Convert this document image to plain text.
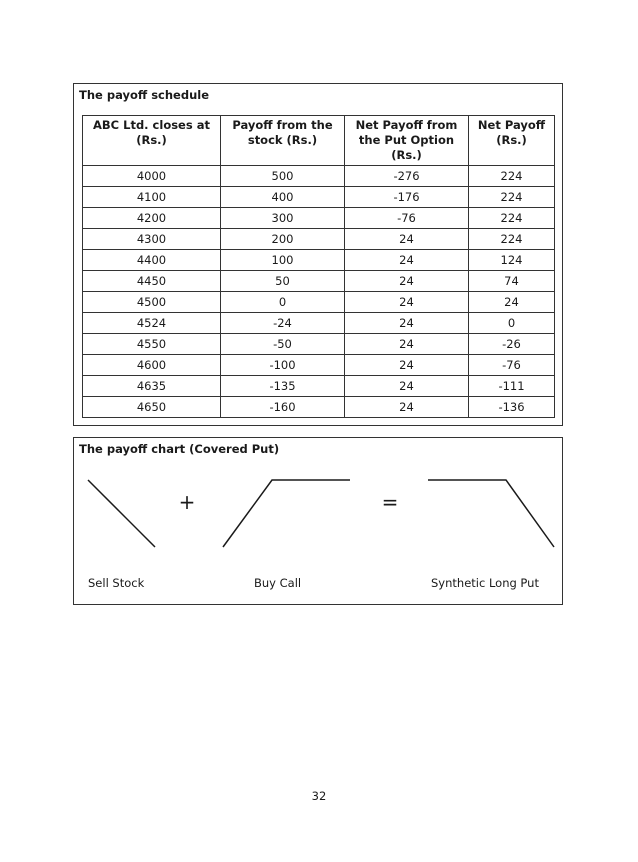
The payoff schedule
ABC Ltd. closes at (Rs.)	Payoff from the stock (Rs.)	Net Payoff from the Put Option (Rs.)	Net Payoff (Rs.)
4000	500	-276	224
4100	400	-176	224
4200	300	-76	224
4300	200	24	224
4400	100	24	124
4450	50	24	74
4500	0	24	24
4524	-24	24	0
4550	-50	24	-26
4600	-100	24	-76
4635	-135	24	-111
4650	-160	24	-136
The payoff chart (Covered Put)
+	=
Sell Stock	Buy Call	Synthetic Long Put
32
